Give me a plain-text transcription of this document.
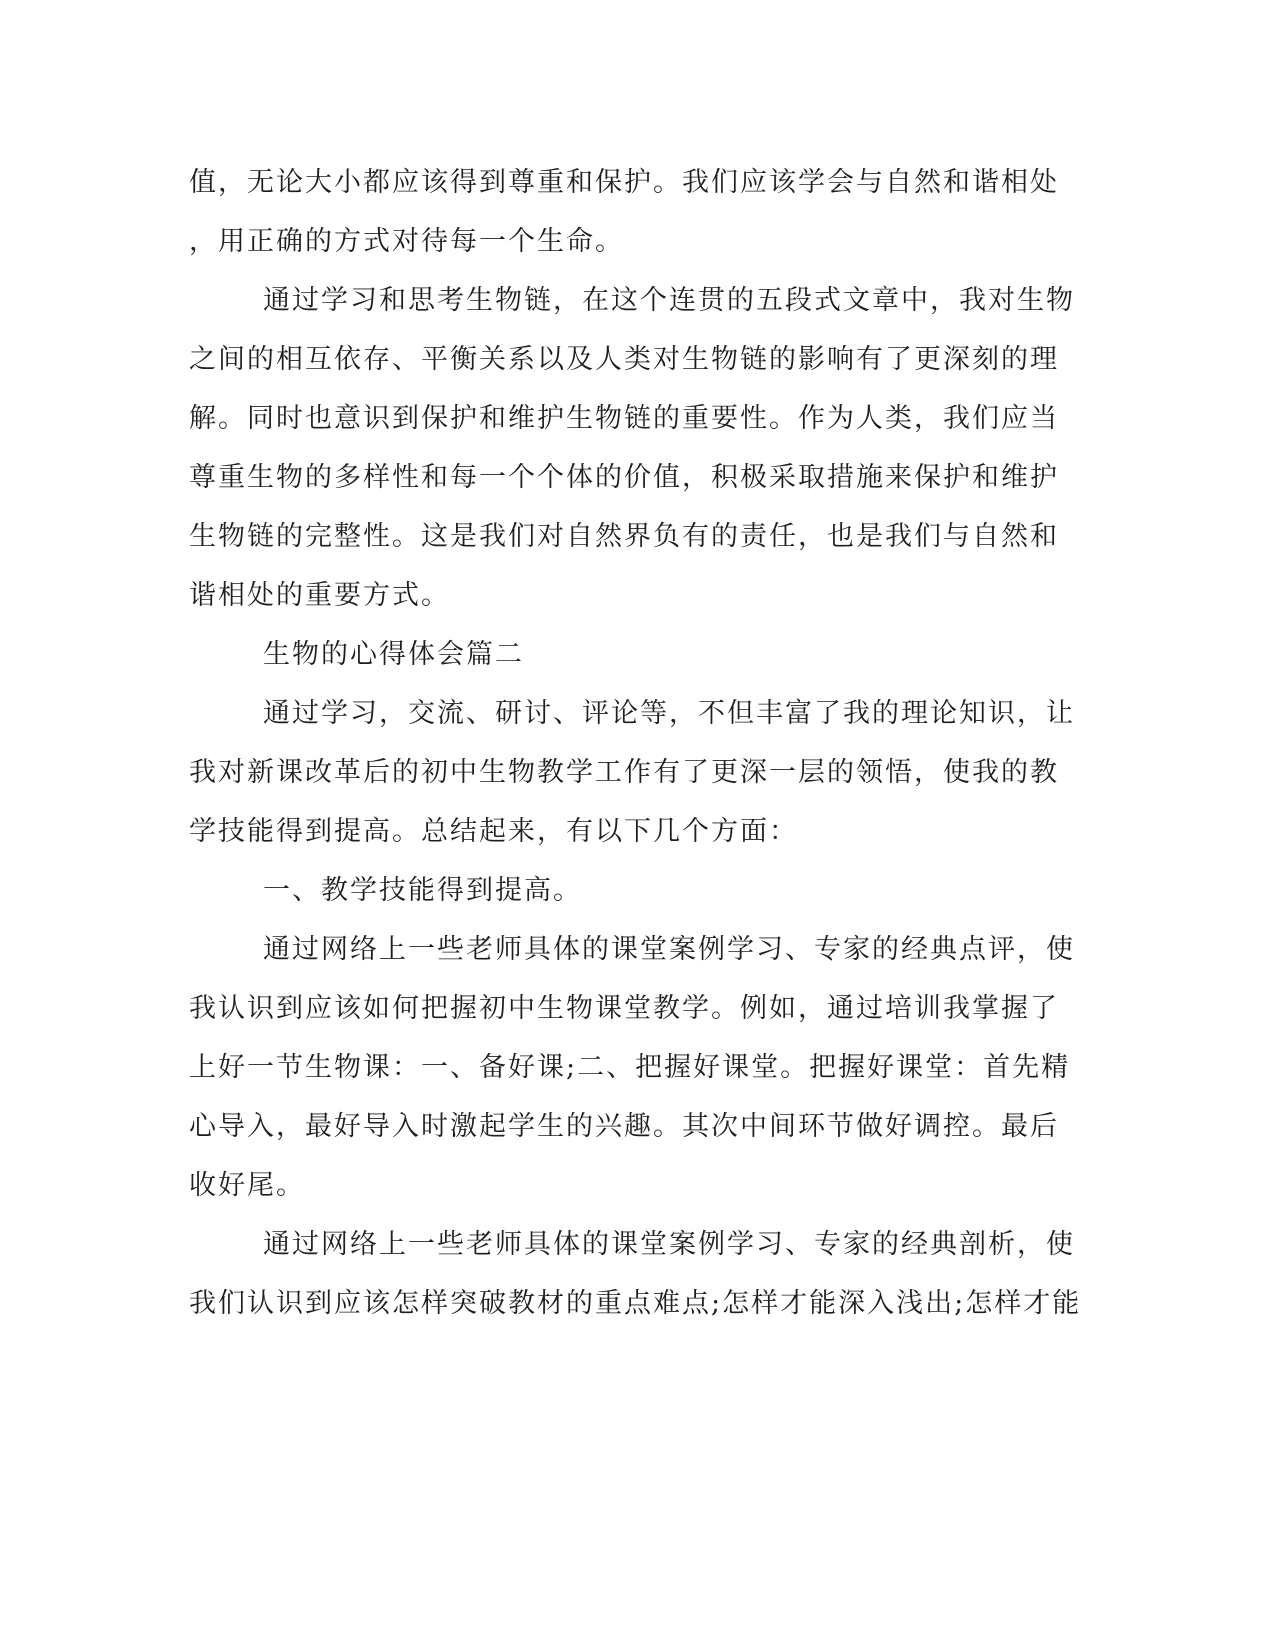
值，无论大小都应该得到尊重和保护。我们应该学会与自然和谐相处
，用正确的方式对待每一个生命。
通过学习和思考生物链，在这个连贯的五段式文章中，我对生物
之间的相互依存、平衡关系以及人类对生物链的影响有了更深刻的理
解。同时也意识到保护和维护生物链的重要性。作为人类，我们应当
尊重生物的多样性和每一个个体的价值，积极采取措施来保护和维护
生物链的完整性。这是我们对自然界负有的责任，也是我们与自然和
谐相处的重要方式。
生物的心得体会篇二
通过学习，交流、研讨、评论等，不但丰富了我的理论知识，让
我对新课改革后的初中生物教学工作有了更深一层的领悟，使我的教
学技能得到提高。总结起来，有以下几个方面：
一、教学技能得到提高。
通过网络上一些老师具体的课堂案例学习、专家的经典点评，使
我认识到应该如何把握初中生物课堂教学。例如，通过培训我掌握了
上好一节生物课：一、备好课;二、把握好课堂。把握好课堂：首先精
心导入，最好导入时激起学生的兴趣。其次中间环节做好调控。最后
收好尾。
通过网络上一些老师具体的课堂案例学习、专家的经典剖析，使
我们认识到应该怎样突破教材的重点难点;怎样才能深入浅出;怎样才能
